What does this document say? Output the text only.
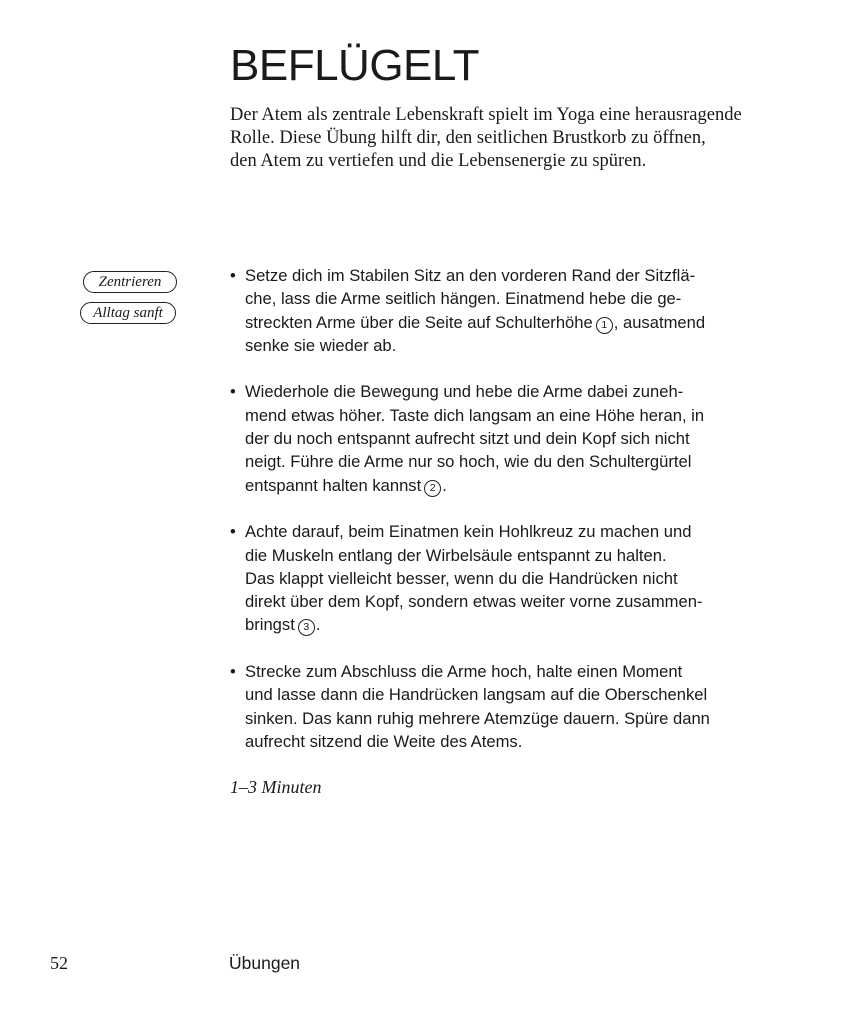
BEFLÜGELT

Der Atem als zentrale Lebenskraft spielt im Yoga eine herausragende
Rolle. Diese Übung hilft dir, den seitlichen Brustkorb zu öffnen,
den Atem zu vertiefen und die Lebensenergie zu spüren.

Zentrieren
Alltag sanft
• Setze dich im Stabilen Sitz an den vorderen Rand der Sitzflä-
che, lass die Arme seitlich hängen. Einatmend hebe die ge-
streckten Arme über die Seite auf Schulterhöhe 1 , ausatmend
senke sie wieder ab.
• Wiederhole die Bewegung und hebe die Arme dabei zuneh-
mend etwas höher. Taste dich langsam an eine Höhe heran, in
der du noch entspannt aufrecht sitzt und dein Kopf sich nicht
neigt. Führe die Arme nur so hoch, wie du den Schultergürtel
entspannt halten kannst 2 .
• Achte darauf, beim Einatmen kein Hohlkreuz zu machen und
die Muskeln entlang der Wirbelsäule entspannt zu halten.
Das klappt vielleicht besser, wenn du die Handrücken nicht
direkt über dem Kopf, sondern etwas weiter vorne zusammen-
bringst 3 .
• Strecke zum Abschluss die Arme hoch, halte einen Moment
und lasse dann die Handrücken langsam auf die Oberschenkel
sinken. Das kann ruhig mehrere Atemzüge dauern. Spüre dann
aufrecht sitzend die Weite des Atems.

1–3 Minuten

52	Übungen
